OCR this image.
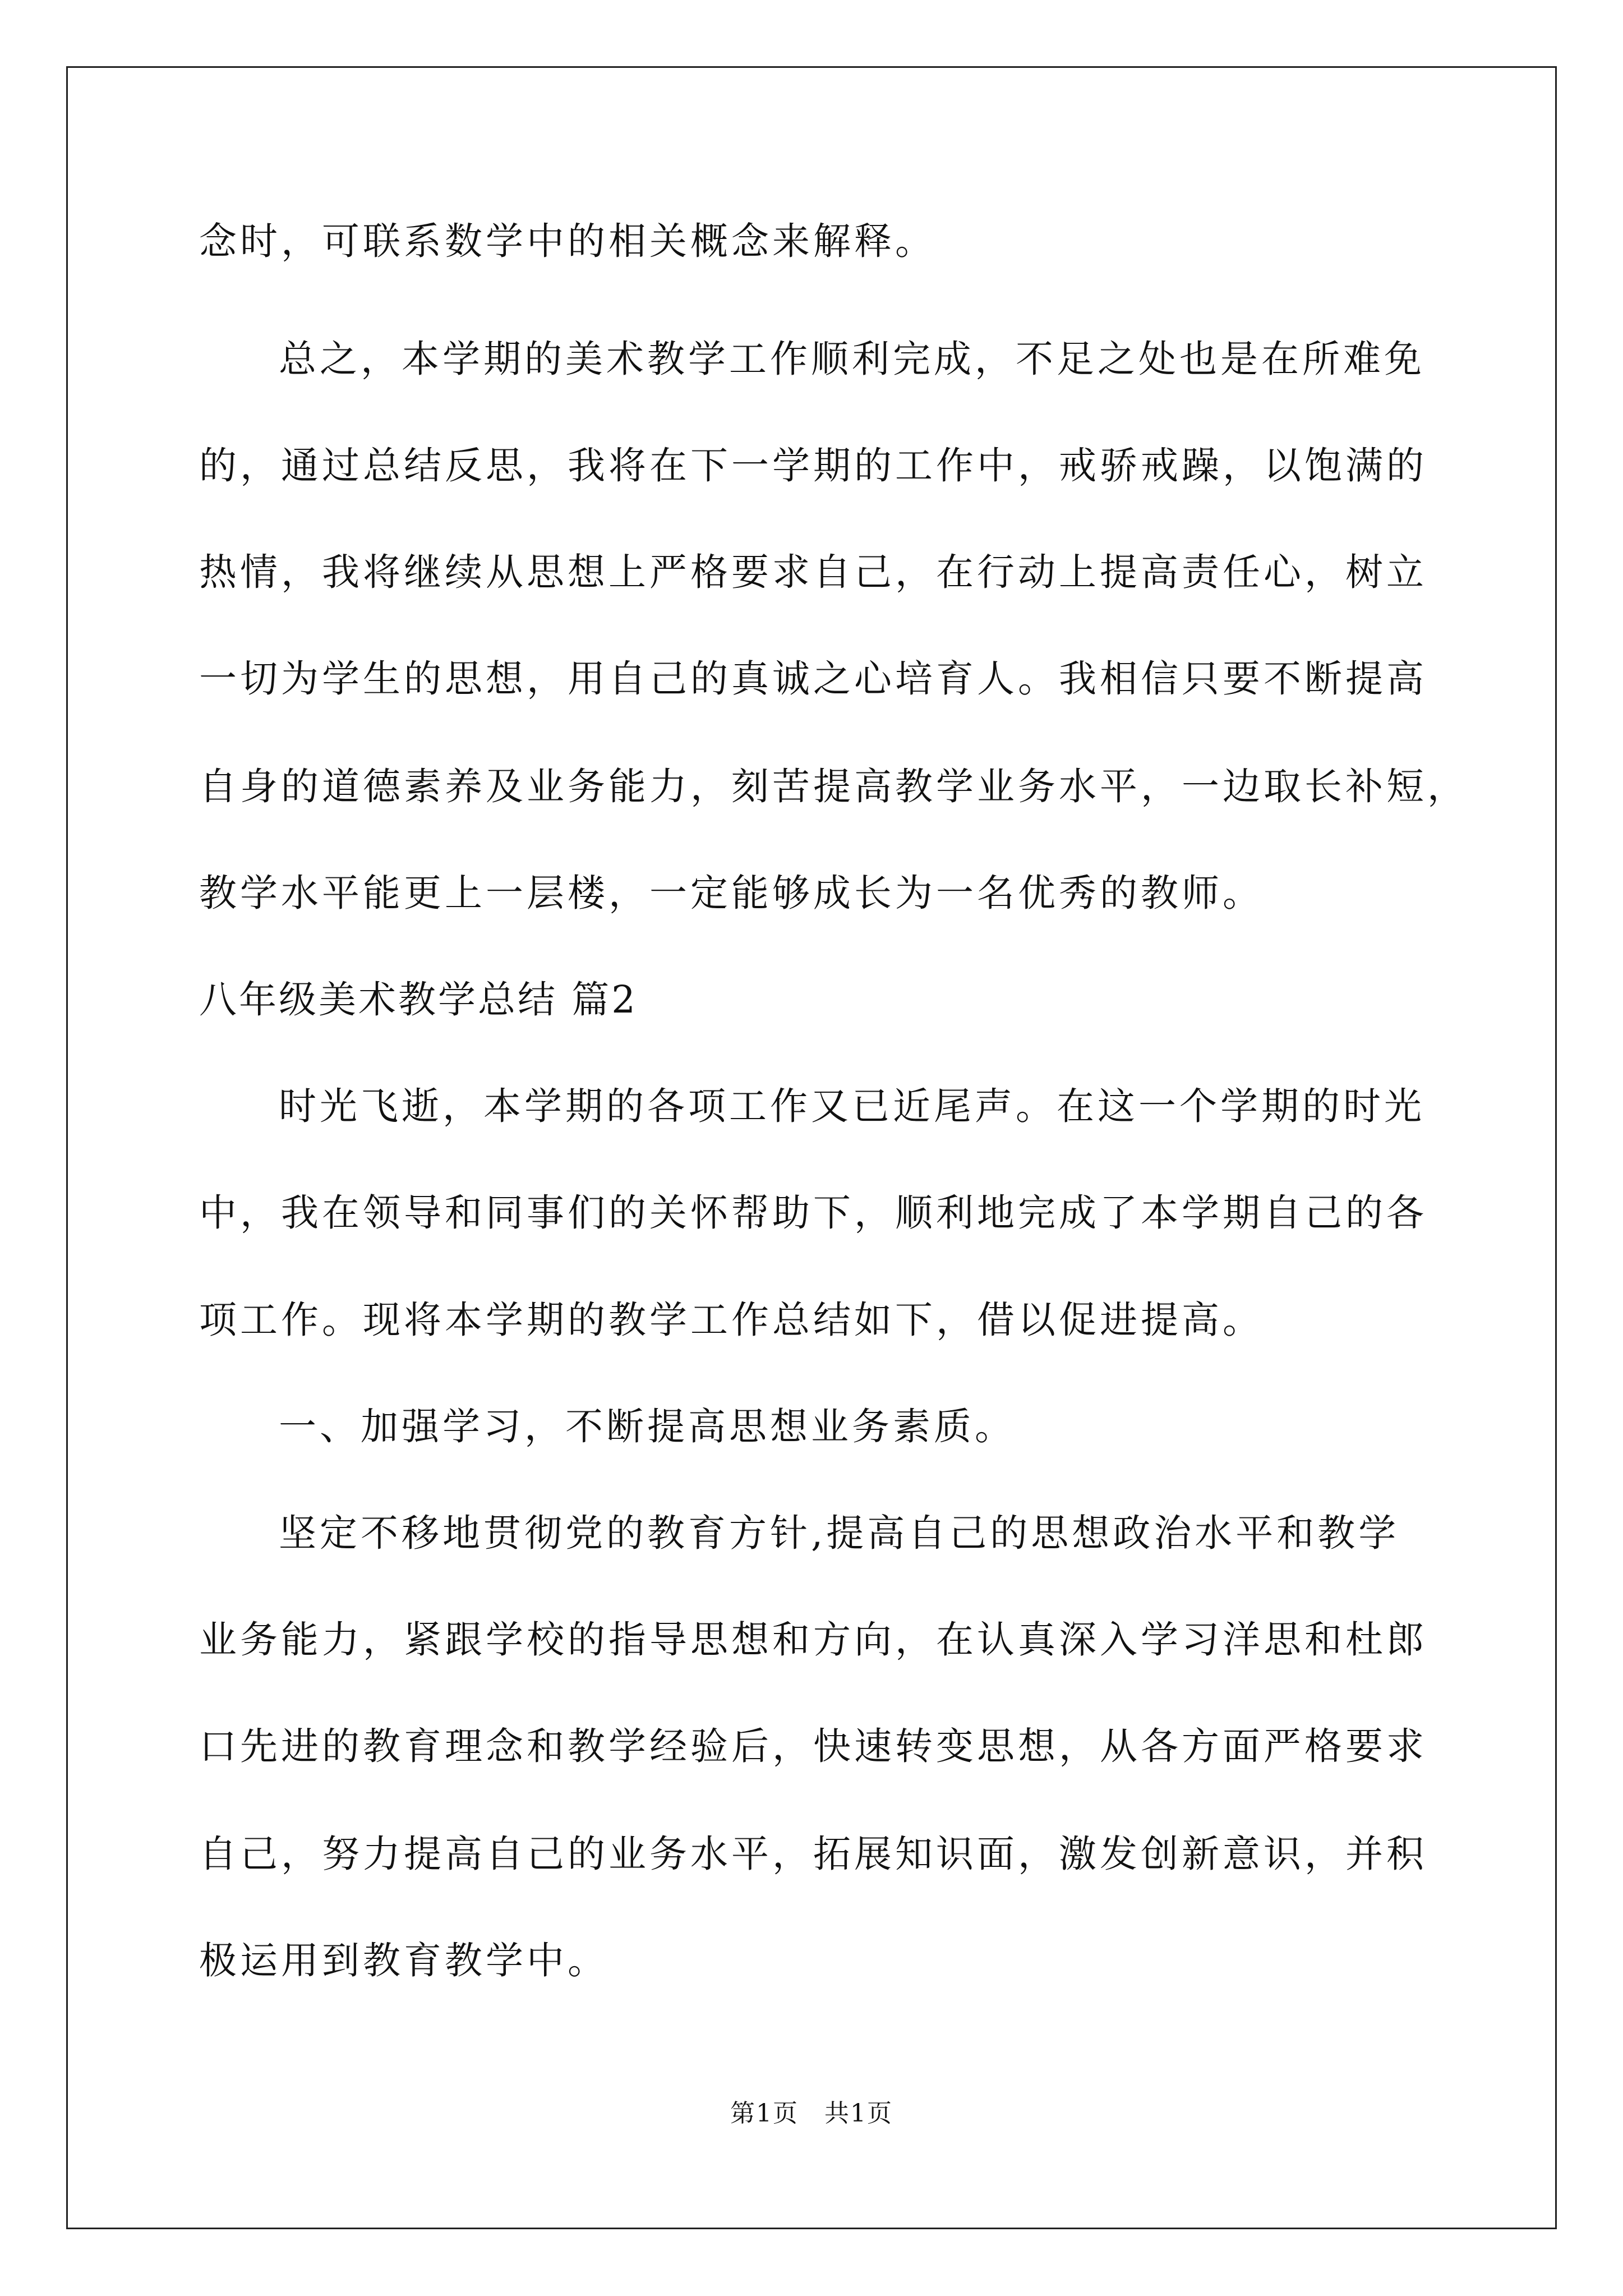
念时，可联系数学中的相关概念来解释。
总之，本学期的美术教学工作顺利完成，不足之处也是在所难免
的，通过总结反思，我将在下一学期的工作中，戒骄戒躁，以饱满的
热情，我将继续从思想上严格要求自己，在行动上提高责任心，树立
一切为学生的思想，用自己的真诚之心培育人。我相信只要不断提高
自身的道德素养及业务能力，刻苦提高教学业务水平，一边取长补短，
教学水平能更上一层楼，一定能够成长为一名优秀的教师。
八年级美术教学总结 篇2
时光飞逝，本学期的各项工作又已近尾声。在这一个学期的时光
中，我在领导和同事们的关怀帮助下，顺利地完成了本学期自己的各
项工作。现将本学期的教学工作总结如下，借以促进提高。
一、加强学习，不断提高思想业务素质。
坚定不移地贯彻党的教育方针,提高自己的思想政治水平和教学
业务能力，紧跟学校的指导思想和方向，在认真深入学习洋思和杜郎
口先进的教育理念和教学经验后，快速转变思想，从各方面严格要求
自己，努力提高自己的业务水平，拓展知识面，激发创新意识，并积
极运用到教育教学中。
第1页　共1页
